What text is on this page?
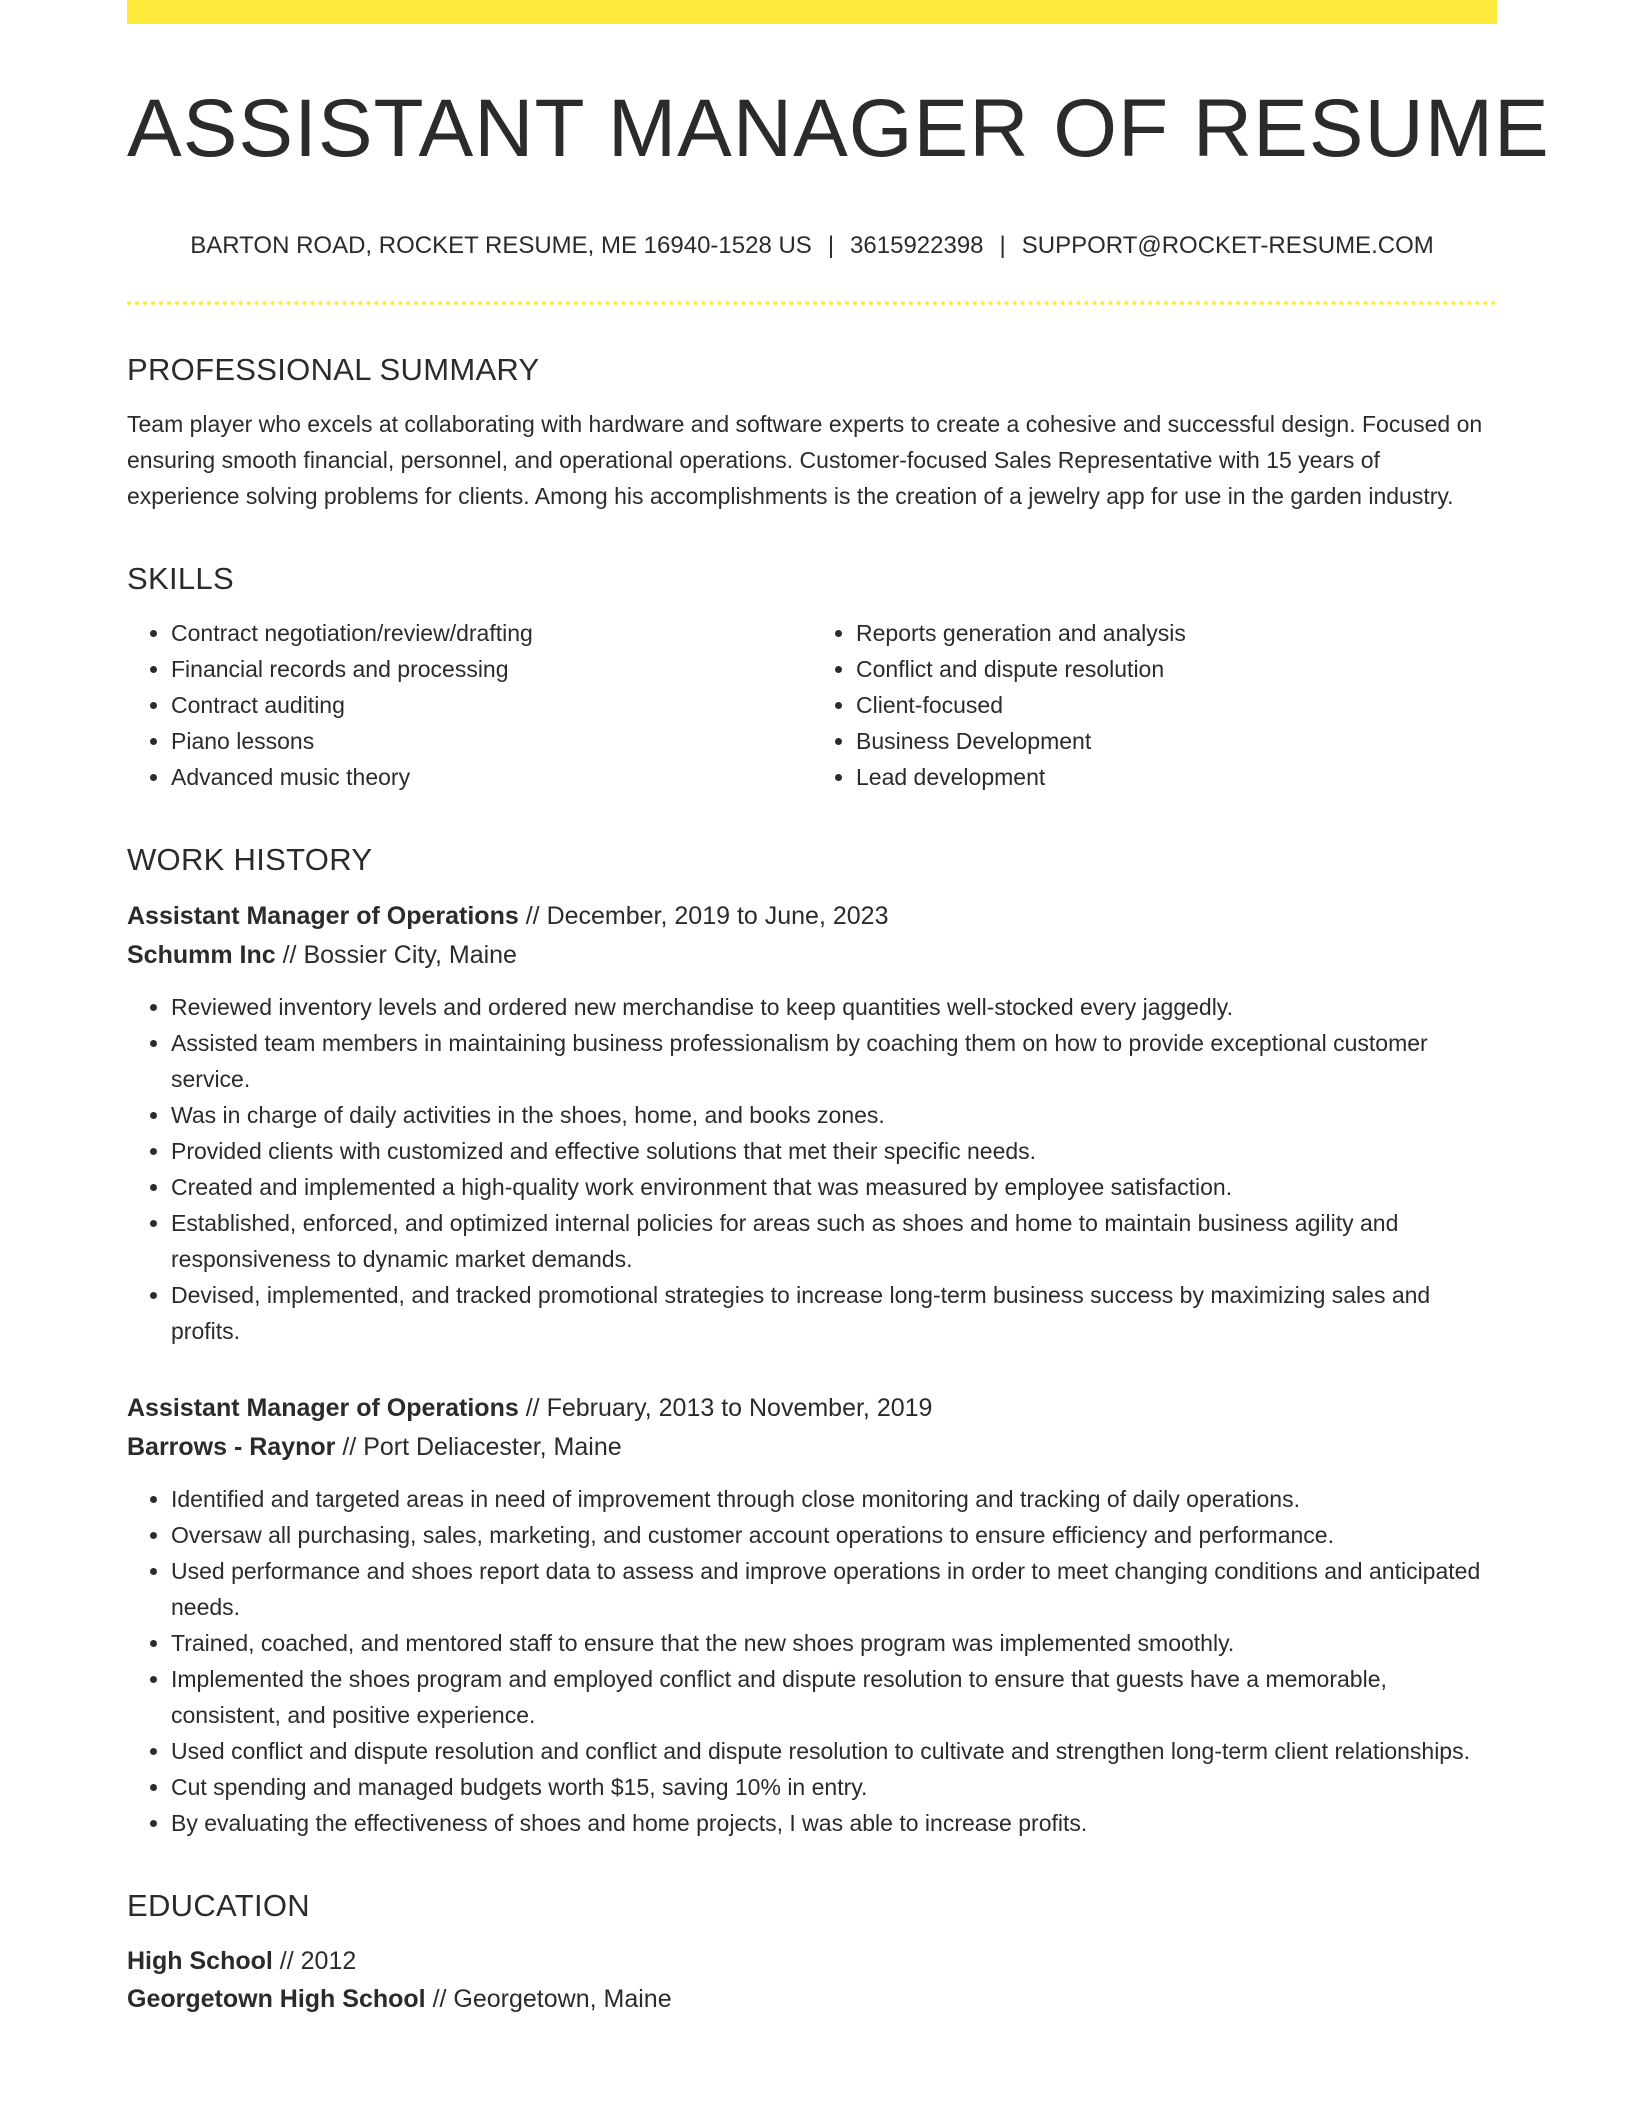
ASSISTANT MANAGER OF RESUME
BARTON ROAD, ROCKET RESUME, ME 16940-1528 US | 3615922398 | SUPPORT@ROCKET-RESUME.COM
PROFESSIONAL SUMMARY

Team player who excels at collaborating with hardware and software experts to create a cohesive and successful design. Focused on ensuring smooth financial, personnel, and operational operations. Customer-focused Sales Representative with 15 years of experience solving problems for clients. Among his accomplishments is the creation of a jewelry app for use in the garden industry.

SKILLS
• Contract negotiation/review/drafting
• Financial records and processing
• Contract auditing
• Piano lessons
• Advanced music theory
• Reports generation and analysis
• Conflict and dispute resolution
• Client-focused
• Business Development
• Lead development
WORK HISTORY
Assistant Manager of Operations // December, 2019 to June, 2023
Schumm Inc // Bossier City, Maine
• Reviewed inventory levels and ordered new merchandise to keep quantities well-stocked every jaggedly.
• Assisted team members in maintaining business professionalism by coaching them on how to provide exceptional customer service.
• Was in charge of daily activities in the shoes, home, and books zones.
• Provided clients with customized and effective solutions that met their specific needs.
• Created and implemented a high-quality work environment that was measured by employee satisfaction.
• Established, enforced, and optimized internal policies for areas such as shoes and home to maintain business agility and responsiveness to dynamic market demands.
• Devised, implemented, and tracked promotional strategies to increase long-term business success by maximizing sales and profits.
Assistant Manager of Operations // February, 2013 to November, 2019
Barrows - Raynor // Port Deliacester, Maine
• Identified and targeted areas in need of improvement through close monitoring and tracking of daily operations.
• Oversaw all purchasing, sales, marketing, and customer account operations to ensure efficiency and performance.
• Used performance and shoes report data to assess and improve operations in order to meet changing conditions and anticipated needs.
• Trained, coached, and mentored staff to ensure that the new shoes program was implemented smoothly.
• Implemented the shoes program and employed conflict and dispute resolution to ensure that guests have a memorable, consistent, and positive experience.
• Used conflict and dispute resolution and conflict and dispute resolution to cultivate and strengthen long-term client relationships.
• Cut spending and managed budgets worth $15, saving 10% in entry.
• By evaluating the effectiveness of shoes and home projects, I was able to increase profits.
EDUCATION
High School // 2012
Georgetown High School // Georgetown, Maine
